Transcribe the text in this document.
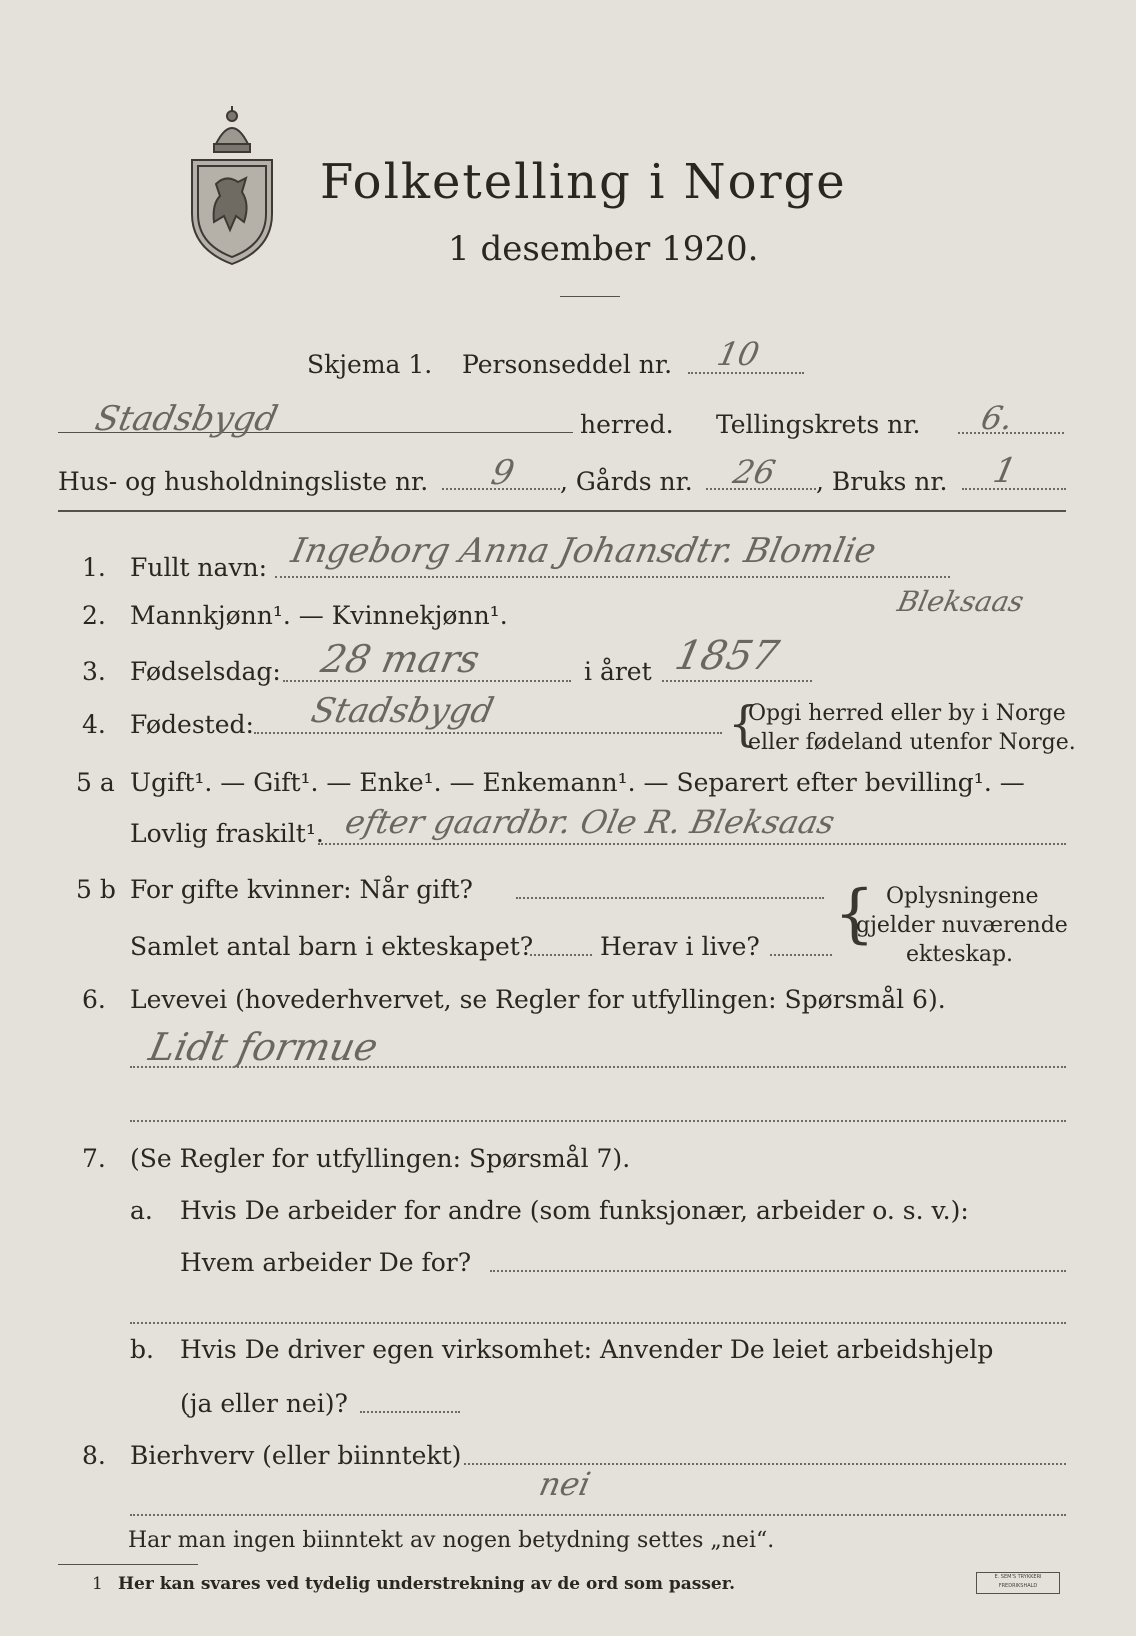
Folketelling i Norge
1 desember 1920.
Skjema 1. Personseddel nr. 10
Stadsbygd	herred. Tellingskrets nr. 6.
Hus- og husholdningsliste nr. 9 , Gårds nr. 26 , Bruks nr. 1
1. Fullt navn: Ingeborg Anna Johansdtr. Blomlie
Bleksaas
2. Mannkjønn¹. — Kvinnekjønn¹.
3. Fødselsdag: 28 mars	i året 1857
4. Fødested: Stadsbygd	{
Opgi herred eller by i Norge
eller fødeland utenfor Norge.
5 a Ugift¹. — Gift¹. — Enke¹. — Enkemann¹. — Separert efter bevilling¹. —
Lovlig fraskilt¹. efter gaardbr. Ole R. Bleksaas
5 b For gifte kvinner: Når gift?
Samlet antal barn i ekteskapet?	Herav i live? { Oplysningene
gjelder nuværende
ekteskap.
6. Levevei (hovederhvervet, se Regler for utfyllingen: Spørsmål 6).
Lidt formue
7. (Se Regler for utfyllingen: Spørsmål 7).
a. Hvis De arbeider for andre (som funksjonær, arbeider o. s. v.):
Hvem arbeider De for?
b. Hvis De driver egen virksomhet: Anvender De leiet arbeidshjelp
(ja eller nei)?
8. Bierhverv (eller biinntekt)
nei
Har man ingen biinntekt av nogen betydning settes „nei“.
1 Her kan svares ved tydelig understrekning av de ord som passer.	E. SEM'S TRYKKERI FREDRIKSHALD
